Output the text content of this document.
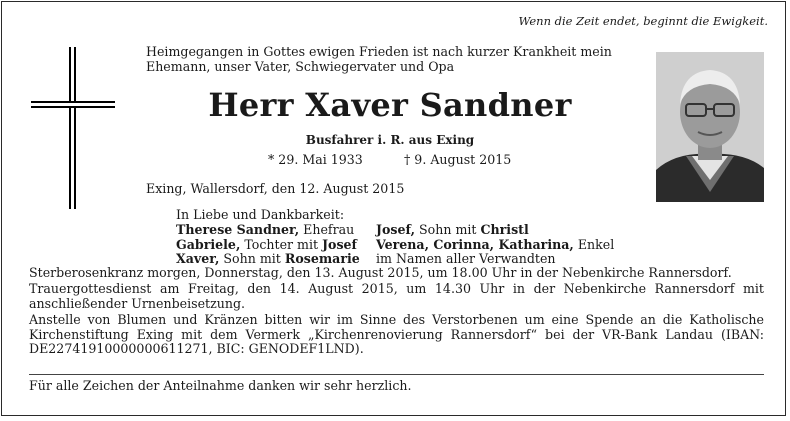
Wenn die Zeit endet, beginnt die Ewigkeit.
Heimgegangen in Gottes ewigen Frieden ist nach kurzer Krankheit mein Ehemann, unser Vater, Schwiegervater und Opa
Herr Xaver Sandner
Busfahrer i. R. aus Exing
* 29. Mai 1933	† 9. August 2015
Exing, Wallersdorf, den 12. August 2015
In Liebe und Dankbarkeit:
Therese Sandner, Ehefrau	Josef, Sohn mit Christl
Gabriele, Tochter mit Josef	Verena, Corinna, Katharina, Enkel
Xaver, Sohn mit Rosemarie	im Namen aller Verwandten

Sterberosenkranz morgen, Donnerstag, den 13. August 2015, um 18.00 Uhr in der Nebenkirche Rannersdorf.

Trauergottesdienst am Freitag, den 14. August 2015, um 14.30 Uhr in der Nebenkirche Rannersdorf mit anschließender Urnenbeisetzung.

Anstelle von Blumen und Kränzen bitten wir im Sinne des Verstorbenen um eine Spende an die Katholische Kirchenstiftung Exing mit dem Vermerk „Kirchenrenovierung Rannersdorf“ bei der VR-Bank Landau (IBAN: DE22741910000000611271, BIC: GENODEF1LND).

Für alle Zeichen der Anteilnahme danken wir sehr herzlich.
